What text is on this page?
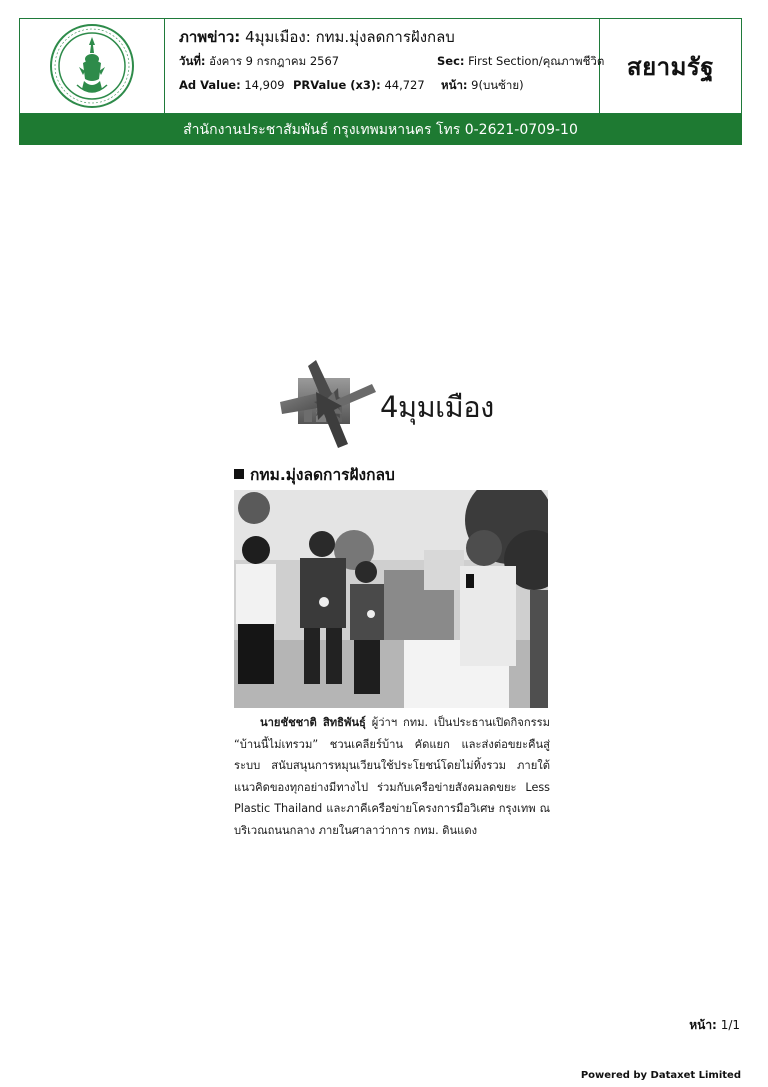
ภาพข่าว: 4มุมเมือง: กทม.มุ่งลดการฝังกลบ
วันที่: อังคาร 9 กรกฎาคม 2567	Sec: First Section/คุณภาพชีวิต
Ad Value: 14,909 PRValue (x3): 44,727 หน้า: 9(บนซ้าย)
สยามรัฐ
สำนักงานประชาสัมพันธ์ กรุงเทพมหานคร โทร 0-2621-0709-10
4มุมเมือง
กทม.มุ่งลดการฝังกลบ
นายชัชชาติ สิทธิพันธุ์ ผู้ว่าฯ กทม. เป็นประธานเปิดกิจกรรม “บ้านนี้ไม่เทรวม” ชวนเคลียร์บ้าน คัดแยก และส่งต่อขยะคืนสู่ระบบ สนับสนุนการหมุนเวียนใช้ประโยชน์โดยไม่ทิ้งรวม ภายใต้แนวคิดของทุกอย่างมีทางไป ร่วมกับเครือข่ายสังคมลดขยะ Less Plastic Thailand และภาคีเครือข่ายโครงการมือวิเศษ กรุงเทพ ณ บริเวณถนนกลาง ภายในศาลาว่าการ กทม. ดินแดง
หน้า: 1/1
Powered by Dataxet Limited
